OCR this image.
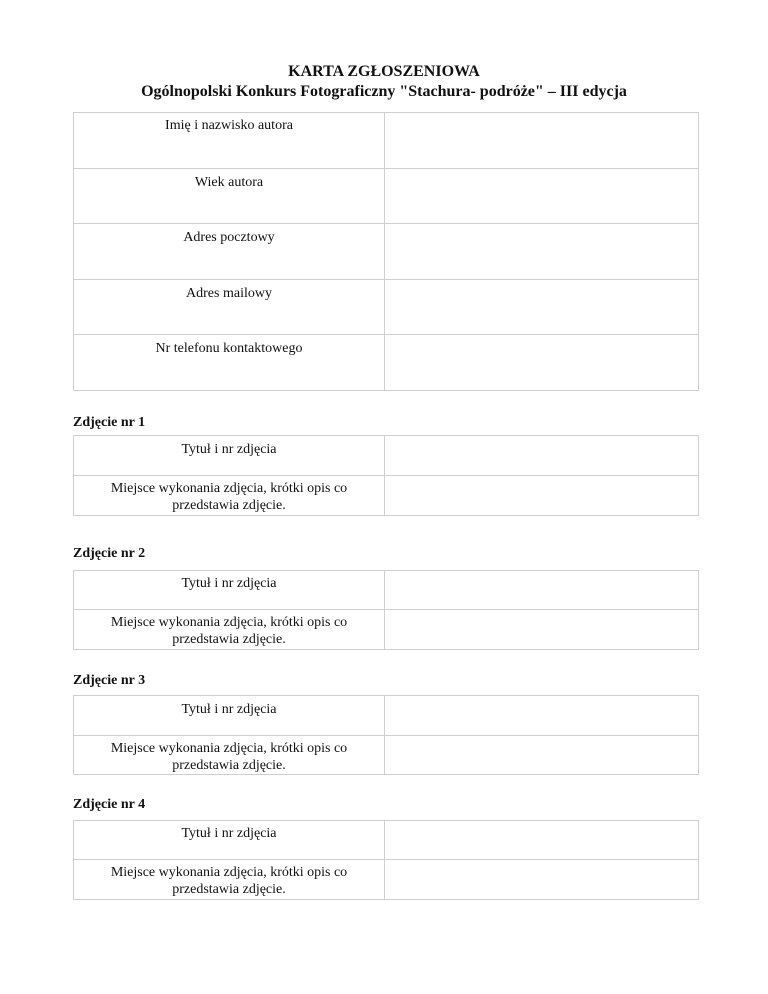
KARTA ZGŁOSZENIOWA
Ogólnopolski Konkurs Fotograficzny "Stachura- podróże" – III edycja
Imię i nazwisko autora	
Wiek autora	
Adres pocztowy	
Adres mailowy	
Nr telefonu kontaktowego	
Zdjęcie nr 1
Tytuł i nr zdjęcia	

Miejsce wykonania zdjęcia, krótki opis co
przedstawia zdjęcie.	

Zdjęcie nr 2
Tytuł i nr zdjęcia	

Miejsce wykonania zdjęcia, krótki opis co
przedstawia zdjęcie.	

Zdjęcie nr 3
Tytuł i nr zdjęcia	

Miejsce wykonania zdjęcia, krótki opis co
przedstawia zdjęcie.	

Zdjęcie nr 4
Tytuł i nr zdjęcia	

Miejsce wykonania zdjęcia, krótki opis co
przedstawia zdjęcie.	
